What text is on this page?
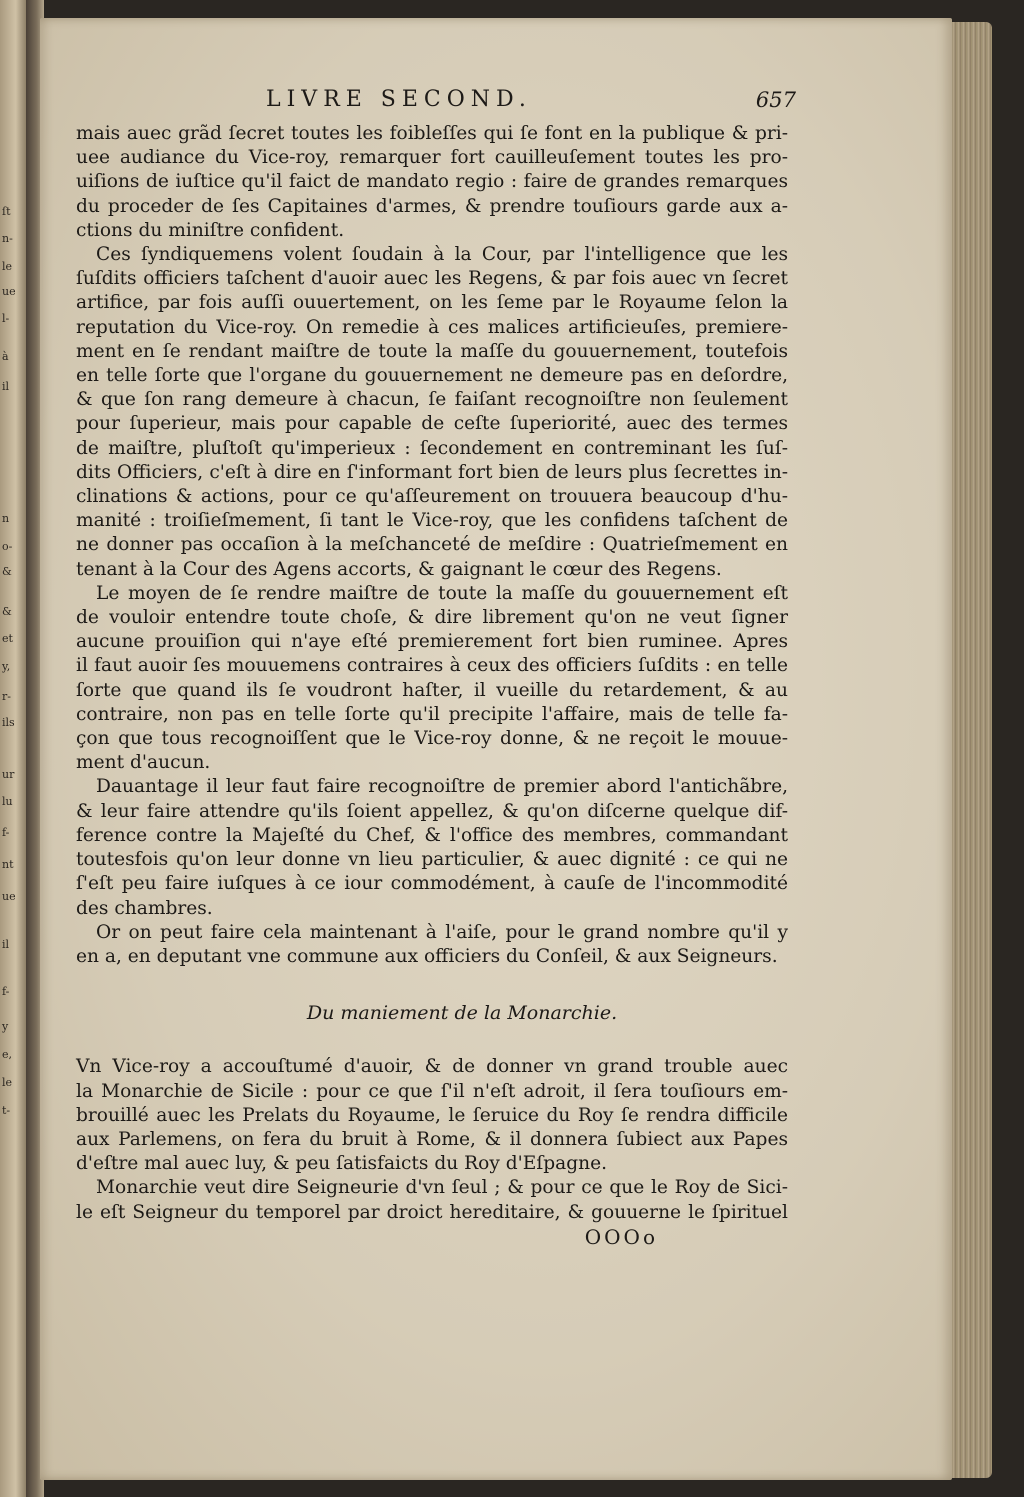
ſt
n-
le
ue
l-
à
il
n
o-
&
&
et
y,
r-
ils
ur
lu
f-
nt
ue
il
f-
y
e,
le
t-
LIVRE SECOND.	657
mais auec grãd ſecret toutes les foibleſſes qui ſe font en la publique & pri-
uee audiance du Vice-roy, remarquer fort cauilleuſement toutes les pro-
uiſions de iuſtice qu'il faict de mandato regio : faire de grandes remarques
du proceder de ſes Capitaines d'armes, & prendre touſiours garde aux a-
ctions du miniſtre confident.
Ces ſyndiquemens volent ſoudain à la Cour, par l'intelligence que les
ſuſdits officiers taſchent d'auoir auec les Regens, & par fois auec vn ſecret
artifice, par fois auſſi ouuertement, on les ſeme par le Royaume ſelon la
reputation du Vice-roy. On remedie à ces malices artificieuſes, premiere-
ment en ſe rendant maiſtre de toute la maſſe du gouuernement, toutefois
en telle ſorte que l'organe du gouuernement ne demeure pas en deſordre,
& que ſon rang demeure à chacun, ſe faiſant recognoiſtre non ſeulement
pour ſuperieur, mais pour capable de ceſte ſuperiorité, auec des termes
de maiſtre, pluſtoſt qu'imperieux : ſecondement en contreminant les ſuſ-
dits Officiers, c'eſt à dire en ſ'informant fort bien de leurs plus ſecrettes in-
clinations & actions, pour ce qu'aſſeurement on trouuera beaucoup d'hu-
manité : troiſieſmement, ſi tant le Vice-roy, que les confidens taſchent de
ne donner pas occaſion à la meſchanceté de meſdire : Quatrieſmement en
tenant à la Cour des Agens accorts, & gaignant le cœur des Regens.
Le moyen de ſe rendre maiſtre de toute la maſſe du gouuernement eſt
de vouloir entendre toute choſe, & dire librement qu'on ne veut ſigner
aucune prouiſion qui n'aye eſté premierement fort bien ruminee. Apres
il faut auoir ſes mouuemens contraires à ceux des officiers ſuſdits : en telle
ſorte que quand ils ſe voudront haſter, il vueille du retardement, & au
contraire, non pas en telle ſorte qu'il precipite l'affaire, mais de telle fa-
çon que tous recognoiſſent que le Vice-roy donne, & ne reçoit le mouue-
ment d'aucun.
Dauantage il leur faut faire recognoiſtre de premier abord l'antichãbre,
& leur faire attendre qu'ils ſoient appellez, & qu'on diſcerne quelque dif-
ference contre la Majeſté du Chef, & l'office des membres, commandant
toutesfois qu'on leur donne vn lieu particulier, & auec dignité : ce qui ne
ſ'eſt peu faire iuſques à ce iour commodément, à cauſe de l'incommodité
des chambres.
Or on peut faire cela maintenant à l'aiſe, pour le grand nombre qu'il y
en a, en deputant vne commune aux officiers du Conſeil, & aux Seigneurs.
Du maniement de la Monarchie.
Vn Vice-roy a accouſtumé d'auoir, & de donner vn grand trouble auec
la Monarchie de Sicile : pour ce que ſ'il n'eſt adroit, il ſera touſiours em-
brouillé auec les Prelats du Royaume, le ſeruice du Roy ſe rendra difficile
aux Parlemens, on fera du bruit à Rome, & il donnera ſubiect aux Papes
d'eſtre mal auec luy, & peu ſatisfaicts du Roy d'Eſpagne.
Monarchie veut dire Seigneurie d'vn ſeul ; & pour ce que le Roy de Sici-
le eſt Seigneur du temporel par droict hereditaire, & gouuerne le ſpirituel
OOOo
